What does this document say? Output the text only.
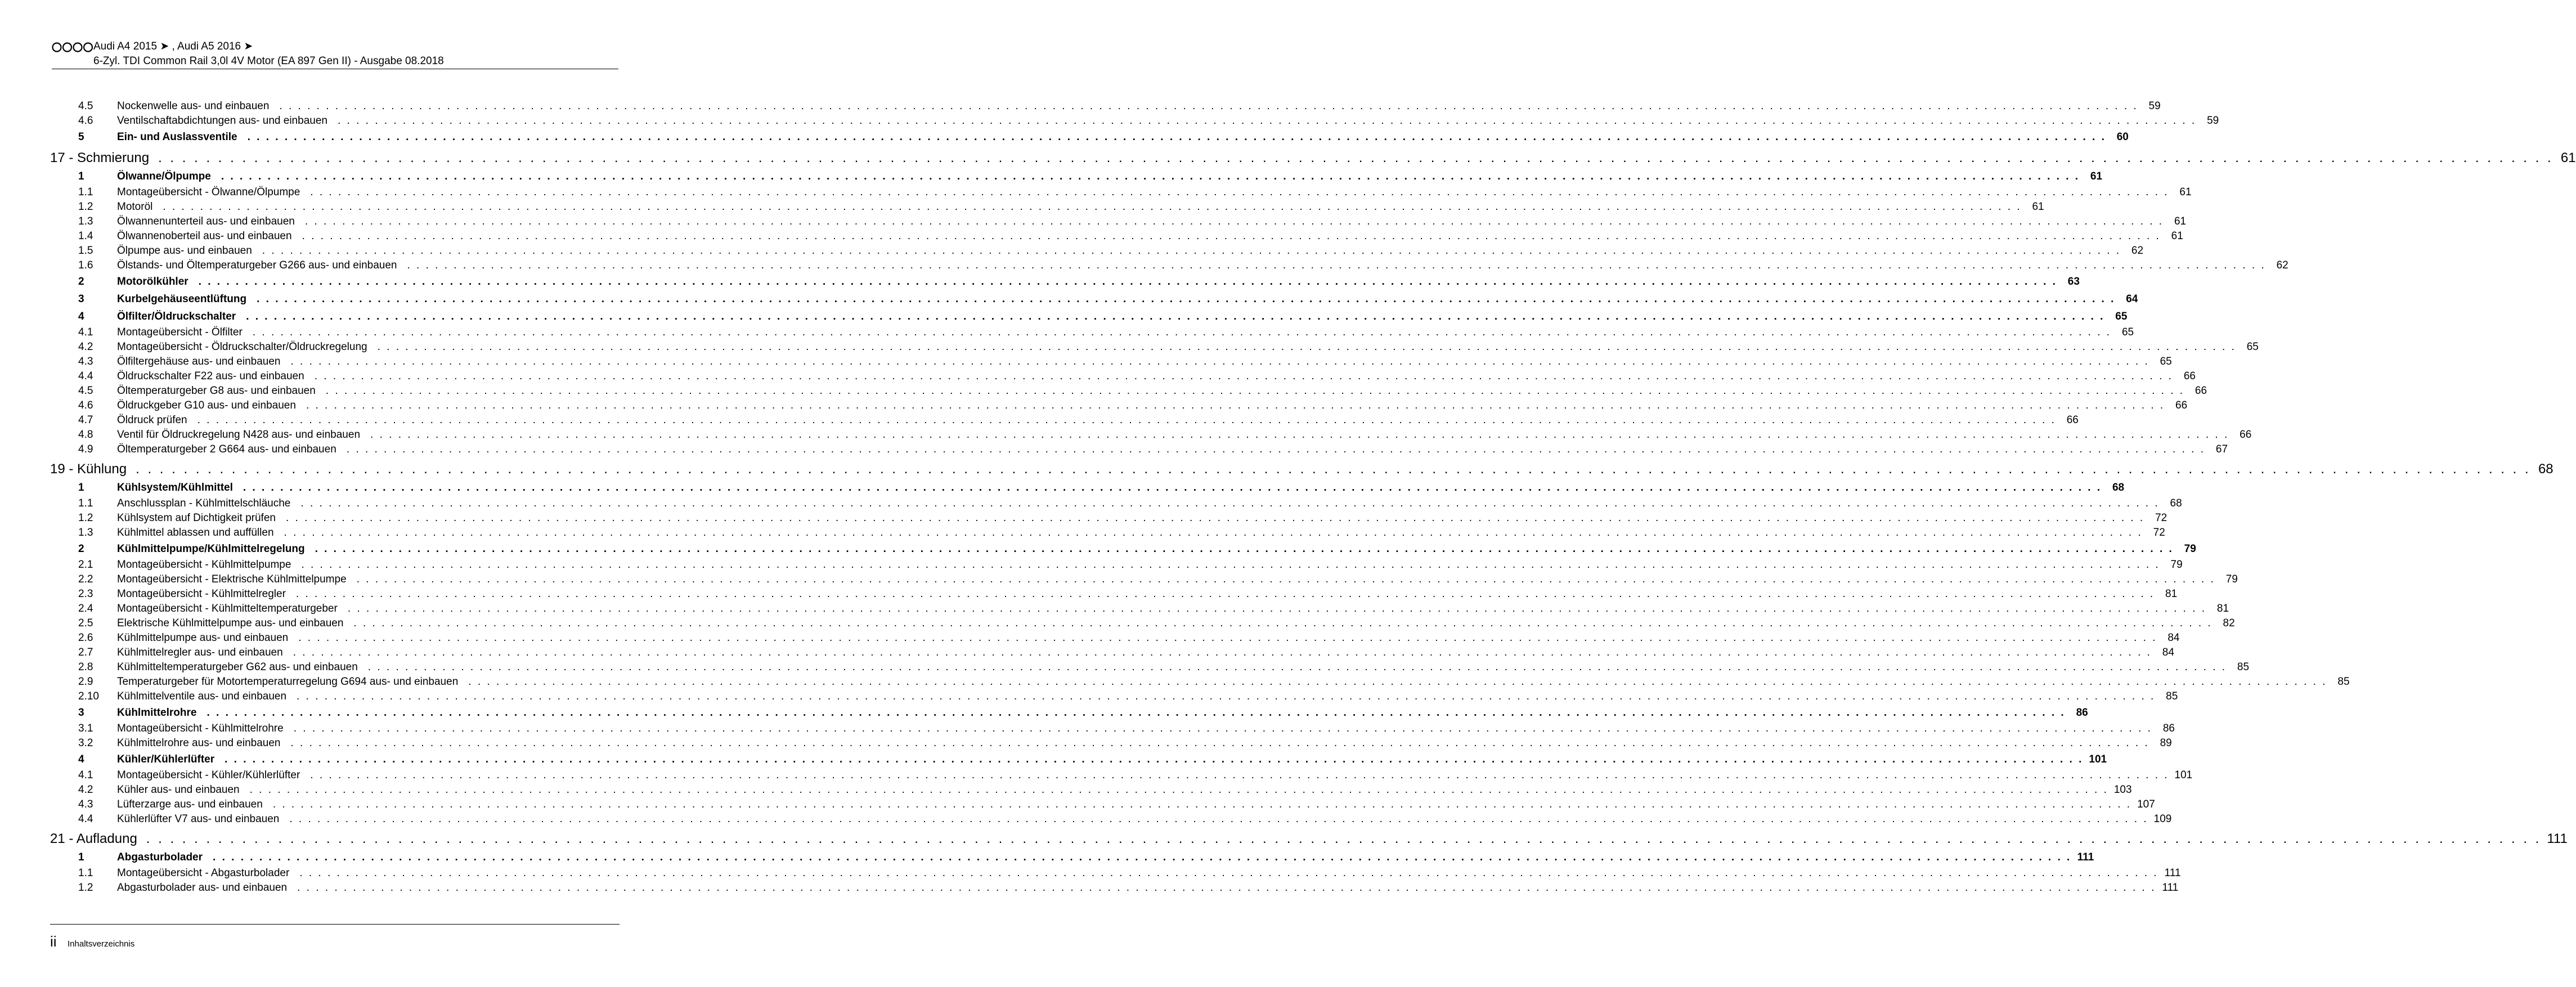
Audi A4 2015 ➤ , Audi A5 2016 ➤
6-Zyl. TDI Common Rail 3,0l 4V Motor (EA 897 Gen II) - Ausgabe 08.2018
4.5 Nockenwelle aus- und einbauen . . . . . . . . . . . . . . . . . . . . . . . . . . . . . . . . . . . . . . . . . . . . . . . . . . . . . . . . . . . . . . . . . . . . . . . . . . . . . . . . . . . . . . . . . . . . . . . . . . . . . . . . . . . . . . . . . . . . . . . . . . . . . . . . . . . . . . . . . . . . . . . . . . . . . . . . . . . . . . . . . . . . . . . . . . . . . . . . . . . . . . . . . . . . . . . . . . . . . . . . 59
4.6 Ventilschaftabdichtungen aus- und einbauen . . . . . . . . . . . . . . . . . . . . . . . . . . . . . . . . . . . . . . . . . . . . . . . . . . . . . . . . . . . . . . . . . . . . . . . . . . . . . . . . . . . . . . . . . . . . . . . . . . . . . . . . . . . . . . . . . . . . . . . . . . . . . . . . . . . . . . . . . . . . . . . . . . . . . . . . . . . . . . . . . . . . . . . . . . . . . . . . . . . . . . . . . . . . . . . . . . . . . . . . 59
5	Ein- und Auslassventile . . . . . . . . . . . . . . . . . . . . . . . . . . . . . . . . . . . . . . . . . . . . . . . . . . . . . . . . . . . . . . . . . . . . . . . . . . . . . . . . . . . . . . . . . . . . . . . . . . . . . . . . . . . . . . . . . . . . . . . . . . . . . . . . . . . . . . . . . . . . . . . . . . . . . . . . . . . . . . . . . . . . . . . . . . . . . . . . . . . . . . . . . . . . . . . . . . . . . . . . 60
17 - Schmierung . . . . . . . . . . . . . . . . . . . . . . . . . . . . . . . . . . . . . . . . . . . . . . . . . . . . . . . . . . . . . . . . . . . . . . . . . . . . . . . . . . . . . . . . . . . . . . . . . . . . . . . . . . . . . . . . . . . . . . . . . . . . . . . . . . . . . . . . . . . . . . . . . . . . . . . . . . . . . . . . . . . . . . . . . . . . . . . . . . . . . . . . . . . . . . . . . . . . . . . . 61
1	Ölwanne/Ölpumpe . . . . . . . . . . . . . . . . . . . . . . . . . . . . . . . . . . . . . . . . . . . . . . . . . . . . . . . . . . . . . . . . . . . . . . . . . . . . . . . . . . . . . . . . . . . . . . . . . . . . . . . . . . . . . . . . . . . . . . . . . . . . . . . . . . . . . . . . . . . . . . . . . . . . . . . . . . . . . . . . . . . . . . . . . . . . . . . . . . . . . . . . . . . . . . . . . . . . . . . . 61
1.1 Montageübersicht - Ölwanne/Ölpumpe . . . . . . . . . . . . . . . . . . . . . . . . . . . . . . . . . . . . . . . . . . . . . . . . . . . . . . . . . . . . . . . . . . . . . . . . . . . . . . . . . . . . . . . . . . . . . . . . . . . . . . . . . . . . . . . . . . . . . . . . . . . . . . . . . . . . . . . . . . . . . . . . . . . . . . . . . . . . . . . . . . . . . . . . . . . . . . . . . . . . . . . . . . . . . . . . . . . . . . . . 61
1.2 Motoröl . . . . . . . . . . . . . . . . . . . . . . . . . . . . . . . . . . . . . . . . . . . . . . . . . . . . . . . . . . . . . . . . . . . . . . . . . . . . . . . . . . . . . . . . . . . . . . . . . . . . . . . . . . . . . . . . . . . . . . . . . . . . . . . . . . . . . . . . . . . . . . . . . . . . . . . . . . . . . . . . . . . . . . . . . . . . . . . . . . . . . . . . . . . . . . . . . . . . . . . . 61
1.3 Ölwannenunterteil aus- und einbauen . . . . . . . . . . . . . . . . . . . . . . . . . . . . . . . . . . . . . . . . . . . . . . . . . . . . . . . . . . . . . . . . . . . . . . . . . . . . . . . . . . . . . . . . . . . . . . . . . . . . . . . . . . . . . . . . . . . . . . . . . . . . . . . . . . . . . . . . . . . . . . . . . . . . . . . . . . . . . . . . . . . . . . . . . . . . . . . . . . . . . . . . . . . . . . . . . . . . . . . . 61
1.4 Ölwannenoberteil aus- und einbauen . . . . . . . . . . . . . . . . . . . . . . . . . . . . . . . . . . . . . . . . . . . . . . . . . . . . . . . . . . . . . . . . . . . . . . . . . . . . . . . . . . . . . . . . . . . . . . . . . . . . . . . . . . . . . . . . . . . . . . . . . . . . . . . . . . . . . . . . . . . . . . . . . . . . . . . . . . . . . . . . . . . . . . . . . . . . . . . . . . . . . . . . . . . . . . . . . . . . . . . . 61
1.5 Ölpumpe aus- und einbauen . . . . . . . . . . . . . . . . . . . . . . . . . . . . . . . . . . . . . . . . . . . . . . . . . . . . . . . . . . . . . . . . . . . . . . . . . . . . . . . . . . . . . . . . . . . . . . . . . . . . . . . . . . . . . . . . . . . . . . . . . . . . . . . . . . . . . . . . . . . . . . . . . . . . . . . . . . . . . . . . . . . . . . . . . . . . . . . . . . . . . . . . . . . . . . . . . . . . . . . . 62
1.6 Ölstands- und Öltemperaturgeber G266 aus- und einbauen . . . . . . . . . . . . . . . . . . . . . . . . . . . . . . . . . . . . . . . . . . . . . . . . . . . . . . . . . . . . . . . . . . . . . . . . . . . . . . . . . . . . . . . . . . . . . . . . . . . . . . . . . . . . . . . . . . . . . . . . . . . . . . . . . . . . . . . . . . . . . . . . . . . . . . . . . . . . . . . . . . . . . . . . . . . . . . . . . . . . . . . . . . . . . . . . . . . . . . . . 62
2	Motorölkühler . . . . . . . . . . . . . . . . . . . . . . . . . . . . . . . . . . . . . . . . . . . . . . . . . . . . . . . . . . . . . . . . . . . . . . . . . . . . . . . . . . . . . . . . . . . . . . . . . . . . . . . . . . . . . . . . . . . . . . . . . . . . . . . . . . . . . . . . . . . . . . . . . . . . . . . . . . . . . . . . . . . . . . . . . . . . . . . . . . . . . . . . . . . . . . . . . . . . . . . . 63
3	Kurbelgehäuseentlüftung . . . . . . . . . . . . . . . . . . . . . . . . . . . . . . . . . . . . . . . . . . . . . . . . . . . . . . . . . . . . . . . . . . . . . . . . . . . . . . . . . . . . . . . . . . . . . . . . . . . . . . . . . . . . . . . . . . . . . . . . . . . . . . . . . . . . . . . . . . . . . . . . . . . . . . . . . . . . . . . . . . . . . . . . . . . . . . . . . . . . . . . . . . . . . . . . . . . . . . . . 64
4	Ölfilter/Öldruckschalter . . . . . . . . . . . . . . . . . . . . . . . . . . . . . . . . . . . . . . . . . . . . . . . . . . . . . . . . . . . . . . . . . . . . . . . . . . . . . . . . . . . . . . . . . . . . . . . . . . . . . . . . . . . . . . . . . . . . . . . . . . . . . . . . . . . . . . . . . . . . . . . . . . . . . . . . . . . . . . . . . . . . . . . . . . . . . . . . . . . . . . . . . . . . . . . . . . . . . . . . 65
4.1 Montageübersicht - Ölfilter . . . . . . . . . . . . . . . . . . . . . . . . . . . . . . . . . . . . . . . . . . . . . . . . . . . . . . . . . . . . . . . . . . . . . . . . . . . . . . . . . . . . . . . . . . . . . . . . . . . . . . . . . . . . . . . . . . . . . . . . . . . . . . . . . . . . . . . . . . . . . . . . . . . . . . . . . . . . . . . . . . . . . . . . . . . . . . . . . . . . . . . . . . . . . . . . . . . . . . . . 65
4.2 Montageübersicht - Öldruckschalter/Öldruckregelung . . . . . . . . . . . . . . . . . . . . . . . . . . . . . . . . . . . . . . . . . . . . . . . . . . . . . . . . . . . . . . . . . . . . . . . . . . . . . . . . . . . . . . . . . . . . . . . . . . . . . . . . . . . . . . . . . . . . . . . . . . . . . . . . . . . . . . . . . . . . . . . . . . . . . . . . . . . . . . . . . . . . . . . . . . . . . . . . . . . . . . . . . . . . . . . . . . . . . . . . 65
4.3 Ölfiltergehäuse aus- und einbauen . . . . . . . . . . . . . . . . . . . . . . . . . . . . . . . . . . . . . . . . . . . . . . . . . . . . . . . . . . . . . . . . . . . . . . . . . . . . . . . . . . . . . . . . . . . . . . . . . . . . . . . . . . . . . . . . . . . . . . . . . . . . . . . . . . . . . . . . . . . . . . . . . . . . . . . . . . . . . . . . . . . . . . . . . . . . . . . . . . . . . . . . . . . . . . . . . . . . . . . . 65
4.4 Öldruckschalter F22 aus- und einbauen . . . . . . . . . . . . . . . . . . . . . . . . . . . . . . . . . . . . . . . . . . . . . . . . . . . . . . . . . . . . . . . . . . . . . . . . . . . . . . . . . . . . . . . . . . . . . . . . . . . . . . . . . . . . . . . . . . . . . . . . . . . . . . . . . . . . . . . . . . . . . . . . . . . . . . . . . . . . . . . . . . . . . . . . . . . . . . . . . . . . . . . . . . . . . . . . . . . . . . . . 66
4.5 Öltemperaturgeber G8 aus- und einbauen . . . . . . . . . . . . . . . . . . . . . . . . . . . . . . . . . . . . . . . . . . . . . . . . . . . . . . . . . . . . . . . . . . . . . . . . . . . . . . . . . . . . . . . . . . . . . . . . . . . . . . . . . . . . . . . . . . . . . . . . . . . . . . . . . . . . . . . . . . . . . . . . . . . . . . . . . . . . . . . . . . . . . . . . . . . . . . . . . . . . . . . . . . . . . . . . . . . . . . . . 66
4.6 Öldruckgeber G10 aus- und einbauen . . . . . . . . . . . . . . . . . . . . . . . . . . . . . . . . . . . . . . . . . . . . . . . . . . . . . . . . . . . . . . . . . . . . . . . . . . . . . . . . . . . . . . . . . . . . . . . . . . . . . . . . . . . . . . . . . . . . . . . . . . . . . . . . . . . . . . . . . . . . . . . . . . . . . . . . . . . . . . . . . . . . . . . . . . . . . . . . . . . . . . . . . . . . . . . . . . . . . . . . 66
4.7 Öldruck prüfen . . . . . . . . . . . . . . . . . . . . . . . . . . . . . . . . . . . . . . . . . . . . . . . . . . . . . . . . . . . . . . . . . . . . . . . . . . . . . . . . . . . . . . . . . . . . . . . . . . . . . . . . . . . . . . . . . . . . . . . . . . . . . . . . . . . . . . . . . . . . . . . . . . . . . . . . . . . . . . . . . . . . . . . . . . . . . . . . . . . . . . . . . . . . . . . . . . . . . . . . 66
4.8 Ventil für Öldruckregelung N428 aus- und einbauen . . . . . . . . . . . . . . . . . . . . . . . . . . . . . . . . . . . . . . . . . . . . . . . . . . . . . . . . . . . . . . . . . . . . . . . . . . . . . . . . . . . . . . . . . . . . . . . . . . . . . . . . . . . . . . . . . . . . . . . . . . . . . . . . . . . . . . . . . . . . . . . . . . . . . . . . . . . . . . . . . . . . . . . . . . . . . . . . . . . . . . . . . . . . . . . . . . . . . . . . 66
4.9 Öltemperaturgeber 2 G664 aus- und einbauen . . . . . . . . . . . . . . . . . . . . . . . . . . . . . . . . . . . . . . . . . . . . . . . . . . . . . . . . . . . . . . . . . . . . . . . . . . . . . . . . . . . . . . . . . . . . . . . . . . . . . . . . . . . . . . . . . . . . . . . . . . . . . . . . . . . . . . . . . . . . . . . . . . . . . . . . . . . . . . . . . . . . . . . . . . . . . . . . . . . . . . . . . . . . . . . . . . . . . . . . 67
19 - Kühlung . . . . . . . . . . . . . . . . . . . . . . . . . . . . . . . . . . . . . . . . . . . . . . . . . . . . . . . . . . . . . . . . . . . . . . . . . . . . . . . . . . . . . . . . . . . . . . . . . . . . . . . . . . . . . . . . . . . . . . . . . . . . . . . . . . . . . . . . . . . . . . . . . . . . . . . . . . . . . . . . . . . . . . . . . . . . . . . . . . . . . . . . . . . . . . . . . . . . . . . . 68
1	Kühlsystem/Kühlmittel . . . . . . . . . . . . . . . . . . . . . . . . . . . . . . . . . . . . . . . . . . . . . . . . . . . . . . . . . . . . . . . . . . . . . . . . . . . . . . . . . . . . . . . . . . . . . . . . . . . . . . . . . . . . . . . . . . . . . . . . . . . . . . . . . . . . . . . . . . . . . . . . . . . . . . . . . . . . . . . . . . . . . . . . . . . . . . . . . . . . . . . . . . . . . . . . . . . . . . . . 68
1.1 Anschlussplan - Kühlmittelschläuche . . . . . . . . . . . . . . . . . . . . . . . . . . . . . . . . . . . . . . . . . . . . . . . . . . . . . . . . . . . . . . . . . . . . . . . . . . . . . . . . . . . . . . . . . . . . . . . . . . . . . . . . . . . . . . . . . . . . . . . . . . . . . . . . . . . . . . . . . . . . . . . . . . . . . . . . . . . . . . . . . . . . . . . . . . . . . . . . . . . . . . . . . . . . . . . . . . . . . . . . 68
1.2 Kühlsystem auf Dichtigkeit prüfen . . . . . . . . . . . . . . . . . . . . . . . . . . . . . . . . . . . . . . . . . . . . . . . . . . . . . . . . . . . . . . . . . . . . . . . . . . . . . . . . . . . . . . . . . . . . . . . . . . . . . . . . . . . . . . . . . . . . . . . . . . . . . . . . . . . . . . . . . . . . . . . . . . . . . . . . . . . . . . . . . . . . . . . . . . . . . . . . . . . . . . . . . . . . . . . . . . . . . . . . 72
1.3 Kühlmittel ablassen und auffüllen . . . . . . . . . . . . . . . . . . . . . . . . . . . . . . . . . . . . . . . . . . . . . . . . . . . . . . . . . . . . . . . . . . . . . . . . . . . . . . . . . . . . . . . . . . . . . . . . . . . . . . . . . . . . . . . . . . . . . . . . . . . . . . . . . . . . . . . . . . . . . . . . . . . . . . . . . . . . . . . . . . . . . . . . . . . . . . . . . . . . . . . . . . . . . . . . . . . . . . . . 72
2	Kühlmittelpumpe/Kühlmittelregelung . . . . . . . . . . . . . . . . . . . . . . . . . . . . . . . . . . . . . . . . . . . . . . . . . . . . . . . . . . . . . . . . . . . . . . . . . . . . . . . . . . . . . . . . . . . . . . . . . . . . . . . . . . . . . . . . . . . . . . . . . . . . . . . . . . . . . . . . . . . . . . . . . . . . . . . . . . . . . . . . . . . . . . . . . . . . . . . . . . . . . . . . . . . . . . . . . . . . . . . . 79
2.1 Montageübersicht - Kühlmittelpumpe . . . . . . . . . . . . . . . . . . . . . . . . . . . . . . . . . . . . . . . . . . . . . . . . . . . . . . . . . . . . . . . . . . . . . . . . . . . . . . . . . . . . . . . . . . . . . . . . . . . . . . . . . . . . . . . . . . . . . . . . . . . . . . . . . . . . . . . . . . . . . . . . . . . . . . . . . . . . . . . . . . . . . . . . . . . . . . . . . . . . . . . . . . . . . . . . . . . . . . . . 79
2.2 Montageübersicht - Elektrische Kühlmittelpumpe . . . . . . . . . . . . . . . . . . . . . . . . . . . . . . . . . . . . . . . . . . . . . . . . . . . . . . . . . . . . . . . . . . . . . . . . . . . . . . . . . . . . . . . . . . . . . . . . . . . . . . . . . . . . . . . . . . . . . . . . . . . . . . . . . . . . . . . . . . . . . . . . . . . . . . . . . . . . . . . . . . . . . . . . . . . . . . . . . . . . . . . . . . . . . . . . . . . . . . . . 79
2.3 Montageübersicht - Kühlmittelregler . . . . . . . . . . . . . . . . . . . . . . . . . . . . . . . . . . . . . . . . . . . . . . . . . . . . . . . . . . . . . . . . . . . . . . . . . . . . . . . . . . . . . . . . . . . . . . . . . . . . . . . . . . . . . . . . . . . . . . . . . . . . . . . . . . . . . . . . . . . . . . . . . . . . . . . . . . . . . . . . . . . . . . . . . . . . . . . . . . . . . . . . . . . . . . . . . . . . . . . . 81
2.4 Montageübersicht - Kühlmitteltemperaturgeber . . . . . . . . . . . . . . . . . . . . . . . . . . . . . . . . . . . . . . . . . . . . . . . . . . . . . . . . . . . . . . . . . . . . . . . . . . . . . . . . . . . . . . . . . . . . . . . . . . . . . . . . . . . . . . . . . . . . . . . . . . . . . . . . . . . . . . . . . . . . . . . . . . . . . . . . . . . . . . . . . . . . . . . . . . . . . . . . . . . . . . . . . . . . . . . . . . . . . . . . 81
2.5 Elektrische Kühlmittelpumpe aus- und einbauen . . . . . . . . . . . . . . . . . . . . . . . . . . . . . . . . . . . . . . . . . . . . . . . . . . . . . . . . . . . . . . . . . . . . . . . . . . . . . . . . . . . . . . . . . . . . . . . . . . . . . . . . . . . . . . . . . . . . . . . . . . . . . . . . . . . . . . . . . . . . . . . . . . . . . . . . . . . . . . . . . . . . . . . . . . . . . . . . . . . . . . . . . . . . . . . . . . . . . . . . 82
2.6 Kühlmittelpumpe aus- und einbauen . . . . . . . . . . . . . . . . . . . . . . . . . . . . . . . . . . . . . . . . . . . . . . . . . . . . . . . . . . . . . . . . . . . . . . . . . . . . . . . . . . . . . . . . . . . . . . . . . . . . . . . . . . . . . . . . . . . . . . . . . . . . . . . . . . . . . . . . . . . . . . . . . . . . . . . . . . . . . . . . . . . . . . . . . . . . . . . . . . . . . . . . . . . . . . . . . . . . . . . . 84
2.7 Kühlmittelregler aus- und einbauen . . . . . . . . . . . . . . . . . . . . . . . . . . . . . . . . . . . . . . . . . . . . . . . . . . . . . . . . . . . . . . . . . . . . . . . . . . . . . . . . . . . . . . . . . . . . . . . . . . . . . . . . . . . . . . . . . . . . . . . . . . . . . . . . . . . . . . . . . . . . . . . . . . . . . . . . . . . . . . . . . . . . . . . . . . . . . . . . . . . . . . . . . . . . . . . . . . . . . . . . 84
2.8 Kühlmitteltemperaturgeber G62 aus- und einbauen . . . . . . . . . . . . . . . . . . . . . . . . . . . . . . . . . . . . . . . . . . . . . . . . . . . . . . . . . . . . . . . . . . . . . . . . . . . . . . . . . . . . . . . . . . . . . . . . . . . . . . . . . . . . . . . . . . . . . . . . . . . . . . . . . . . . . . . . . . . . . . . . . . . . . . . . . . . . . . . . . . . . . . . . . . . . . . . . . . . . . . . . . . . . . . . . . . . . . . . . 85
2.9 Temperaturgeber für Motortemperaturregelung G694 aus- und einbauen . . . . . . . . . . . . . . . . . . . . . . . . . . . . . . . . . . . . . . . . . . . . . . . . . . . . . . . . . . . . . . . . . . . . . . . . . . . . . . . . . . . . . . . . . . . . . . . . . . . . . . . . . . . . . . . . . . . . . . . . . . . . . . . . . . . . . . . . . . . . . . . . . . . . . . . . . . . . . . . . . . . . . . . . . . . . . . . . . . . . . . . . . . . . . . . . . . . . . . . . 85
2.10 Kühlmittelventile aus- und einbauen . . . . . . . . . . . . . . . . . . . . . . . . . . . . . . . . . . . . . . . . . . . . . . . . . . . . . . . . . . . . . . . . . . . . . . . . . . . . . . . . . . . . . . . . . . . . . . . . . . . . . . . . . . . . . . . . . . . . . . . . . . . . . . . . . . . . . . . . . . . . . . . . . . . . . . . . . . . . . . . . . . . . . . . . . . . . . . . . . . . . . . . . . . . . . . . . . . . . . . . . 85
3	Kühlmittelrohre . . . . . . . . . . . . . . . . . . . . . . . . . . . . . . . . . . . . . . . . . . . . . . . . . . . . . . . . . . . . . . . . . . . . . . . . . . . . . . . . . . . . . . . . . . . . . . . . . . . . . . . . . . . . . . . . . . . . . . . . . . . . . . . . . . . . . . . . . . . . . . . . . . . . . . . . . . . . . . . . . . . . . . . . . . . . . . . . . . . . . . . . . . . . . . . . . . . . . . . . 86
3.1 Montageübersicht - Kühlmittelrohre . . . . . . . . . . . . . . . . . . . . . . . . . . . . . . . . . . . . . . . . . . . . . . . . . . . . . . . . . . . . . . . . . . . . . . . . . . . . . . . . . . . . . . . . . . . . . . . . . . . . . . . . . . . . . . . . . . . . . . . . . . . . . . . . . . . . . . . . . . . . . . . . . . . . . . . . . . . . . . . . . . . . . . . . . . . . . . . . . . . . . . . . . . . . . . . . . . . . . . . . 86
3.2 Kühlmittelrohre aus- und einbauen . . . . . . . . . . . . . . . . . . . . . . . . . . . . . . . . . . . . . . . . . . . . . . . . . . . . . . . . . . . . . . . . . . . . . . . . . . . . . . . . . . . . . . . . . . . . . . . . . . . . . . . . . . . . . . . . . . . . . . . . . . . . . . . . . . . . . . . . . . . . . . . . . . . . . . . . . . . . . . . . . . . . . . . . . . . . . . . . . . . . . . . . . . . . . . . . . . . . . . . . 89
4	Kühler/Kühlerlüfter . . . . . . . . . . . . . . . . . . . . . . . . . . . . . . . . . . . . . . . . . . . . . . . . . . . . . . . . . . . . . . . . . . . . . . . . . . . . . . . . . . . . . . . . . . . . . . . . . . . . . . . . . . . . . . . . . . . . . . . . . . . . . . . . . . . . . . . . . . . . . . . . . . . . . . . . . . . . . . . . . . . . . . . . . . . . . . . . . . . . . . . . . . . . . . . . . . . . . . . . 101
4.1 Montageübersicht - Kühler/Kühlerlüfter . . . . . . . . . . . . . . . . . . . . . . . . . . . . . . . . . . . . . . . . . . . . . . . . . . . . . . . . . . . . . . . . . . . . . . . . . . . . . . . . . . . . . . . . . . . . . . . . . . . . . . . . . . . . . . . . . . . . . . . . . . . . . . . . . . . . . . . . . . . . . . . . . . . . . . . . . . . . . . . . . . . . . . . . . . . . . . . . . . . . . . . . . . . . . . . . . . . . . . . . 101
4.2 Kühler aus- und einbauen . . . . . . . . . . . . . . . . . . . . . . . . . . . . . . . . . . . . . . . . . . . . . . . . . . . . . . . . . . . . . . . . . . . . . . . . . . . . . . . . . . . . . . . . . . . . . . . . . . . . . . . . . . . . . . . . . . . . . . . . . . . . . . . . . . . . . . . . . . . . . . . . . . . . . . . . . . . . . . . . . . . . . . . . . . . . . . . . . . . . . . . . . . . . . . . . . . . . . . . . 103
4.3 Lüfterzarge aus- und einbauen . . . . . . . . . . . . . . . . . . . . . . . . . . . . . . . . . . . . . . . . . . . . . . . . . . . . . . . . . . . . . . . . . . . . . . . . . . . . . . . . . . . . . . . . . . . . . . . . . . . . . . . . . . . . . . . . . . . . . . . . . . . . . . . . . . . . . . . . . . . . . . . . . . . . . . . . . . . . . . . . . . . . . . . . . . . . . . . . . . . . . . . . . . . . . . . . . . . . . . . . 107
4.4 Kühlerlüfter V7 aus- und einbauen . . . . . . . . . . . . . . . . . . . . . . . . . . . . . . . . . . . . . . . . . . . . . . . . . . . . . . . . . . . . . . . . . . . . . . . . . . . . . . . . . . . . . . . . . . . . . . . . . . . . . . . . . . . . . . . . . . . . . . . . . . . . . . . . . . . . . . . . . . . . . . . . . . . . . . . . . . . . . . . . . . . . . . . . . . . . . . . . . . . . . . . . . . . . . . . . . . . . . . . . 109
21 - Aufladung . . . . . . . . . . . . . . . . . . . . . . . . . . . . . . . . . . . . . . . . . . . . . . . . . . . . . . . . . . . . . . . . . . . . . . . . . . . . . . . . . . . . . . . . . . . . . . . . . . . . . . . . . . . . . . . . . . . . . . . . . . . . . . . . . . . . . . . . . . . . . . . . . . . . . . . . . . . . . . . . . . . . . . . . . . . . . . . . . . . . . . . . . . . . . . . . . . . . . . . . 111
1	Abgasturbolader . . . . . . . . . . . . . . . . . . . . . . . . . . . . . . . . . . . . . . . . . . . . . . . . . . . . . . . . . . . . . . . . . . . . . . . . . . . . . . . . . . . . . . . . . . . . . . . . . . . . . . . . . . . . . . . . . . . . . . . . . . . . . . . . . . . . . . . . . . . . . . . . . . . . . . . . . . . . . . . . . . . . . . . . . . . . . . . . . . . . . . . . . . . . . . . . . . . . . . . . 111
1.1 Montageübersicht - Abgasturbolader . . . . . . . . . . . . . . . . . . . . . . . . . . . . . . . . . . . . . . . . . . . . . . . . . . . . . . . . . . . . . . . . . . . . . . . . . . . . . . . . . . . . . . . . . . . . . . . . . . . . . . . . . . . . . . . . . . . . . . . . . . . . . . . . . . . . . . . . . . . . . . . . . . . . . . . . . . . . . . . . . . . . . . . . . . . . . . . . . . . . . . . . . . . . . . . . . . . . . . . . 111
1.2 Abgasturbolader aus- und einbauen . . . . . . . . . . . . . . . . . . . . . . . . . . . . . . . . . . . . . . . . . . . . . . . . . . . . . . . . . . . . . . . . . . . . . . . . . . . . . . . . . . . . . . . . . . . . . . . . . . . . . . . . . . . . . . . . . . . . . . . . . . . . . . . . . . . . . . . . . . . . . . . . . . . . . . . . . . . . . . . . . . . . . . . . . . . . . . . . . . . . . . . . . . . . . . . . . . . . . . . . 111
ii Inhaltsverzeichnis
